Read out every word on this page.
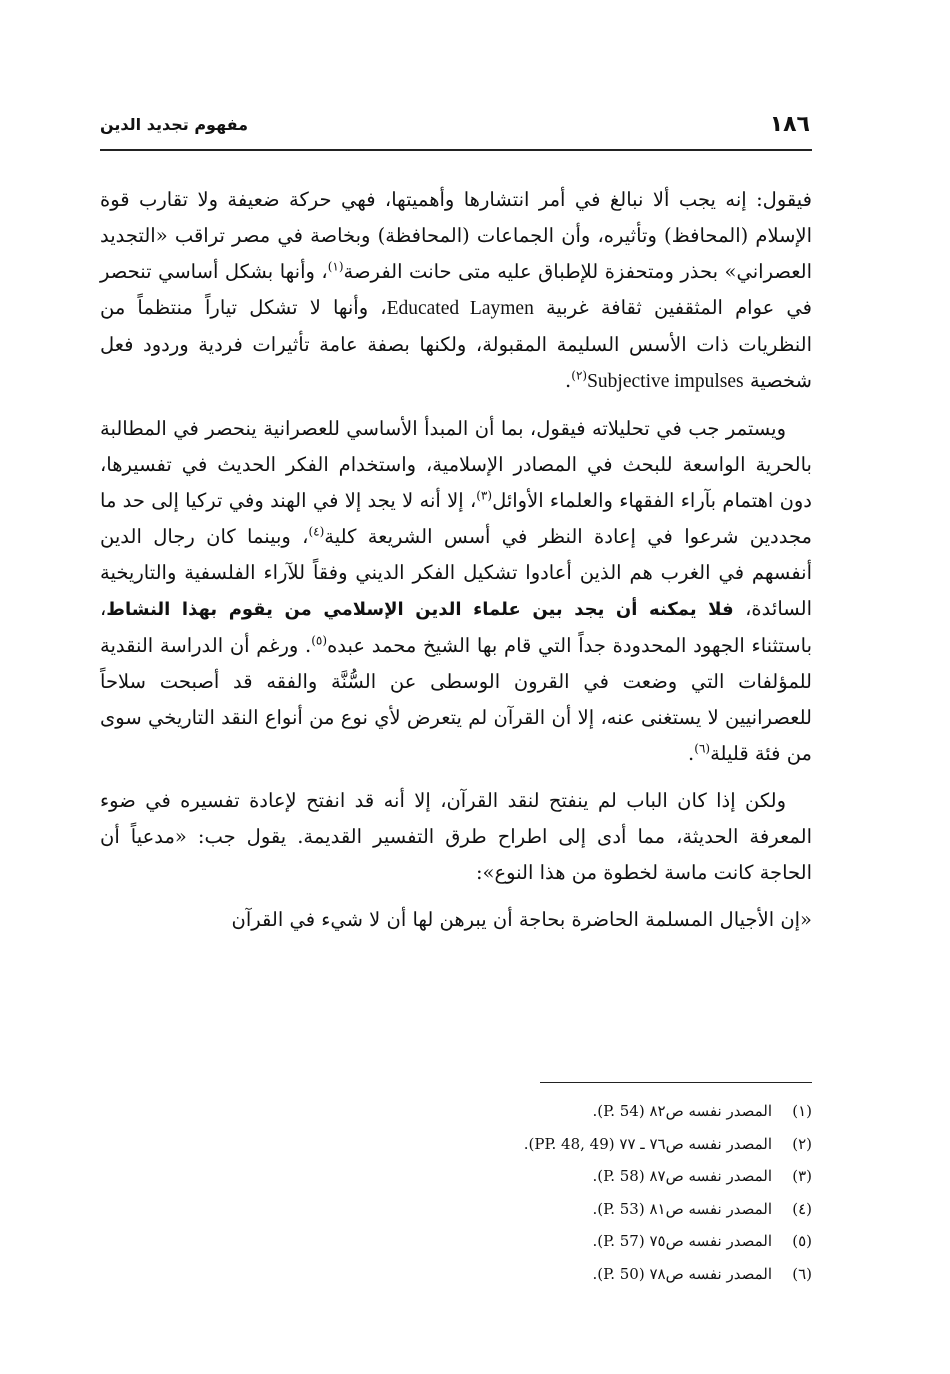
١٨٦
مفهوم تجديد الدين

فيقول: إنه يجب ألا نبالغ في أمر انتشارها وأهميتها، فهي حركة ضعيفة ولا تقارب قوة الإسلام (المحافظ) وتأثيره، وأن الجماعات (المحافظة) وبخاصة في مصر تراقب «التجديد العصراني» بحذر ومتحفزة للإطباق عليه متى حانت الفرصة$^{(١)}$، وأنها بشكل أساسي تنحصر في عوام المثقفين ثقافة غربية Educated Laymen، وأنها لا تشكل تياراً منتظماً من النظريات ذات الأسس السليمة المقبولة، ولكنها بصفة عامة تأثيرات فردية وردود فعل شخصية Subjective impulses$^{(٢)}$.

ويستمر جب في تحليلاته فيقول، بما أن المبدأ الأساسي للعصرانية ينحصر في المطالبة بالحرية الواسعة للبحث في المصادر الإسلامية، واستخدام الفكر الحديث في تفسيرها، دون اهتمام بآراء الفقهاء والعلماء الأوائل$^{(٣)}$، إلا أنه لا يجد إلا في الهند وفي تركيا إلى حد ما مجددين شرعوا في إعادة النظر في أسس الشريعة كلية$^{(٤)}$، وبينما كان رجال الدين أنفسهم في الغرب هم الذين أعادوا تشكيل الفكر الديني وفقاً للآراء الفلسفية والتاريخية السائدة، فلا يمكنه أن يجد بين علماء الدين الإسلامي من يقوم بهذا النشاط، باستثناء الجهود المحدودة جداً التي قام بها الشيخ محمد عبده$^{(٥)}$. ورغم أن الدراسة النقدية للمؤلفات التي وضعت في القرون الوسطى عن السُّنَّة والفقه قد أصبحت سلاحاً للعصرانيين لا يستغنى عنه، إلا أن القرآن لم يتعرض لأي نوع من أنواع النقد التاريخي سوى من فئة قليلة$^{(٦)}$.

ولكن إذا كان الباب لم ينفتح لنقد القرآن، إلا أنه قد انفتح لإعادة تفسيره في ضوء المعرفة الحديثة، مما أدى إلى اطراح طرق التفسير القديمة. يقول جب: «مدعياً أن الحاجة كانت ماسة لخطوة من هذا النوع»:

«إن الأجيال المسلمة الحاضرة بحاجة أن يبرهن لها أن لا شيء في القرآن

(١)المصدر نفسه ص٨٢ (P. 54).
(٢)المصدر نفسه ص٧٦ ـ ٧٧ (PP. 48, 49).
(٣)المصدر نفسه ص٨٧ (P. 58).
(٤)المصدر نفسه ص٨١ (P. 53).
(٥)المصدر نفسه ص٧٥ (P. 57).
(٦)المصدر نفسه ص٧٨ (P. 50).
